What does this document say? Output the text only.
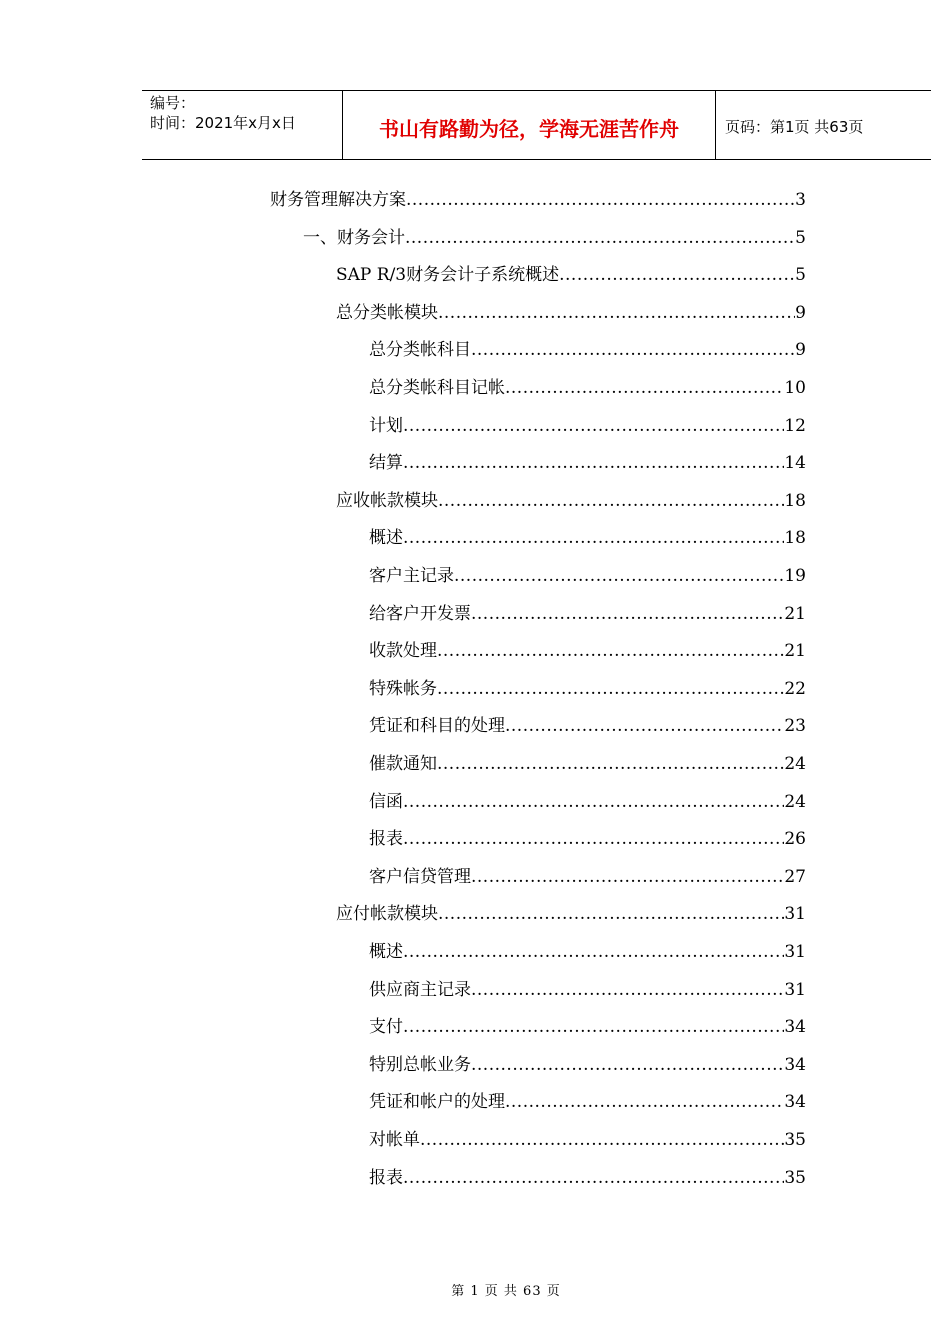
编号：
时间：2021年x月x日	书山有路勤为径，学海无涯苦作舟	页码：第1页 共63页
财务管理解决方案 .....	3
一、财务会计 .....	5
SAP R/3财务会计子系统概述 .....	5
总分类帐模块 .....	9
总分类帐科目 .....	9
总分类帐科目记帐 .....	10
计划 .....	12
结算 .....	14
应收帐款模块 .....	18
概述 .....	18
客户主记录 .....	19
给客户开发票 .....	21
收款处理 .....	21
特殊帐务 .....	22
凭证和科目的处理 .....	23
催款通知 .....	24
信函 .....	24
报表 .....	26
客户信贷管理 .....	27
应付帐款模块 .....	31
概述 .....	31
供应商主记录 .....	31
支付 .....	34
特别总帐业务 .....	34
凭证和帐户的处理 .....	34
对帐单 .....	35
报表 .....	35
第 1 页 共 63 页
